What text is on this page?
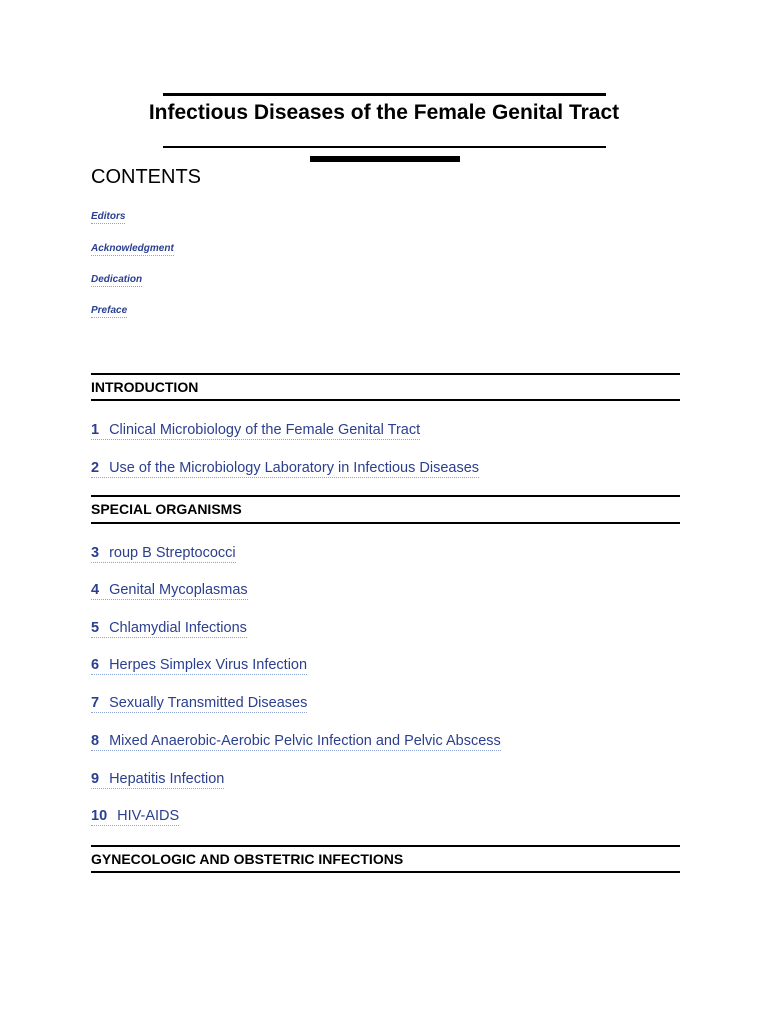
Infectious Diseases of the Female Genital Tract
CONTENTS
Editors
Acknowledgment
Dedication
Preface
INTRODUCTION
1 Clinical Microbiology of the Female Genital Tract
2 Use of the Microbiology Laboratory in Infectious Diseases
SPECIAL ORGANISMS
3 roup B Streptococci
4 Genital Mycoplasmas
5 Chlamydial Infections
6 Herpes Simplex Virus Infection
7 Sexually Transmitted Diseases
8 Mixed Anaerobic-Aerobic Pelvic Infection and Pelvic Abscess
9 Hepatitis Infection
10 HIV-AIDS
GYNECOLOGIC AND OBSTETRIC INFECTIONS
